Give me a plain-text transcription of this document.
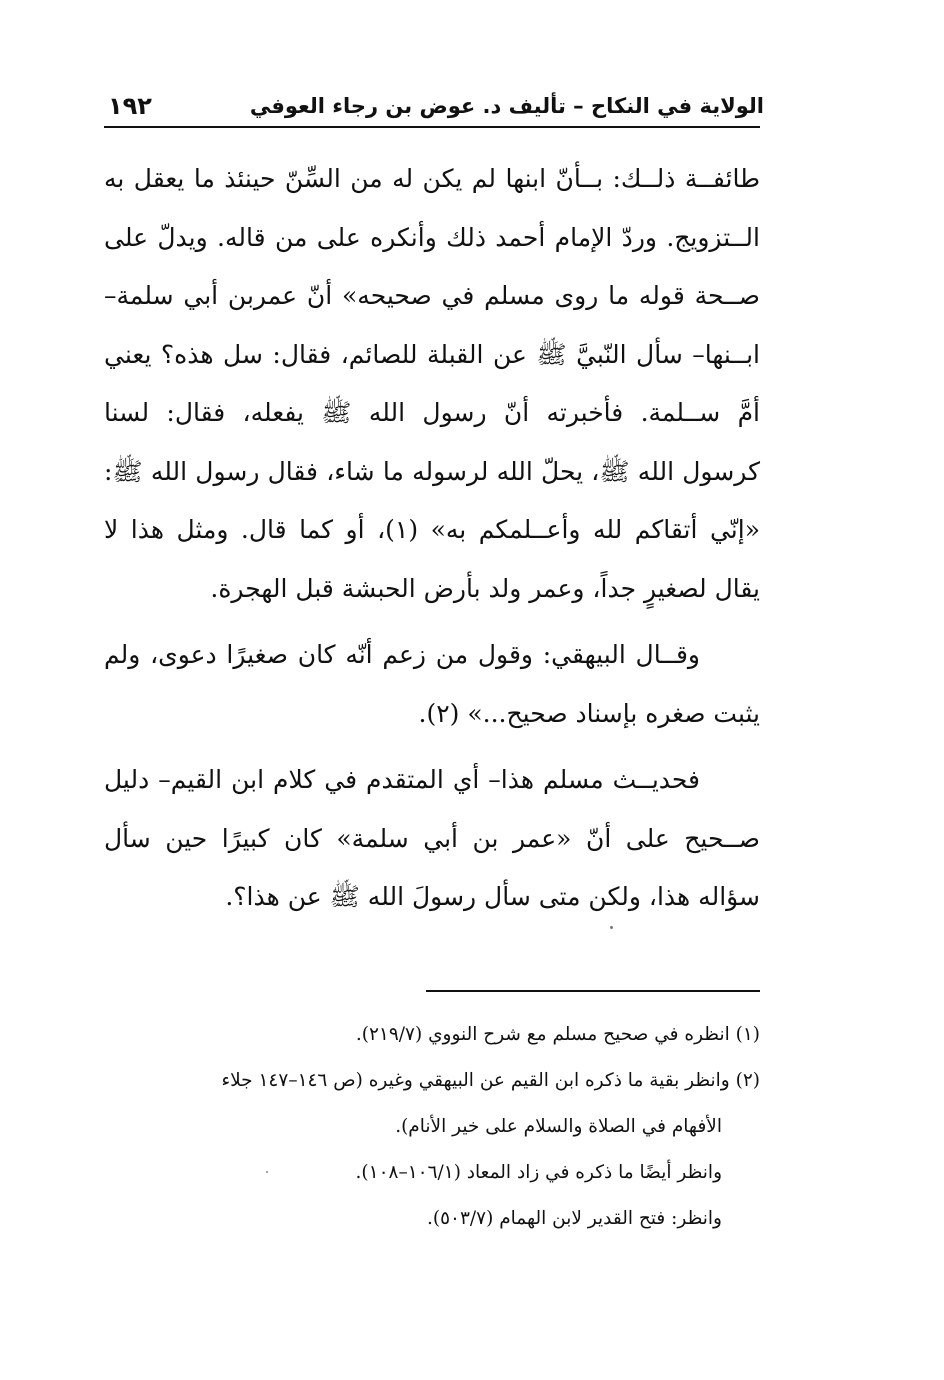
الولاية في النكاح – تأليف د. عوض بن رجاء العوفي
١٩٢

طائفــة ذلــك: بــأنّ ابنها لم يكن له من السِّنّ حينئذ ما يعقل به الــتزويج. وردّ الإمام أحمد ذلك وأنكره على من قاله. ويدلّ على صــحة قوله ما روى مسلم في صحيحه» أنّ عمربن أبي سلمة– ابــنها– سأل النّبيَّ ﷺ عن القبلة للصائم، فقال: سل هذه؟ يعني أمَّ ســلمة. فأخبرته أنّ رسول الله ﷺ يفعله، فقال: لسنا كرسول الله ﷺ، يحلّ الله لرسوله ما شاء، فقال رسول الله ﷺ: «إنّي أتقاكم لله وأعــلمكم به» (١)، أو كما قال. ومثل هذا لا يقال لصغيرٍ جداً، وعمر ولد بأرض الحبشة قبل الهجرة.

وقــال البيهقي: وقول من زعم أنّه كان صغيرًا دعوى، ولم يثبت صغره بإسناد صحيح...» (٢).

فحديــث مسلم هذا– أي المتقدم في كلام ابن القيم– دليل صــحيح على أنّ «عمر بن أبي سلمة» كان كبيرًا حين سأل سؤاله هذا، ولكن متى سأل رسولَ الله ﷺ عن هذا؟.

(١) انظره في صحيح مسلم مع شرح النووي (٢١٩/٧).

(٢) وانظر بقية ما ذكره ابن القيم عن البيهقي وغيره (ص ١٤٦–١٤٧ جلاء

الأفهام في الصلاة والسلام على خير الأنام).

وانظر أيضًا ما ذكره في زاد المعاد (١٠٦/١–١٠٨).

وانظر: فتح القدير لابن الهمام (٥٠٣/٧).
